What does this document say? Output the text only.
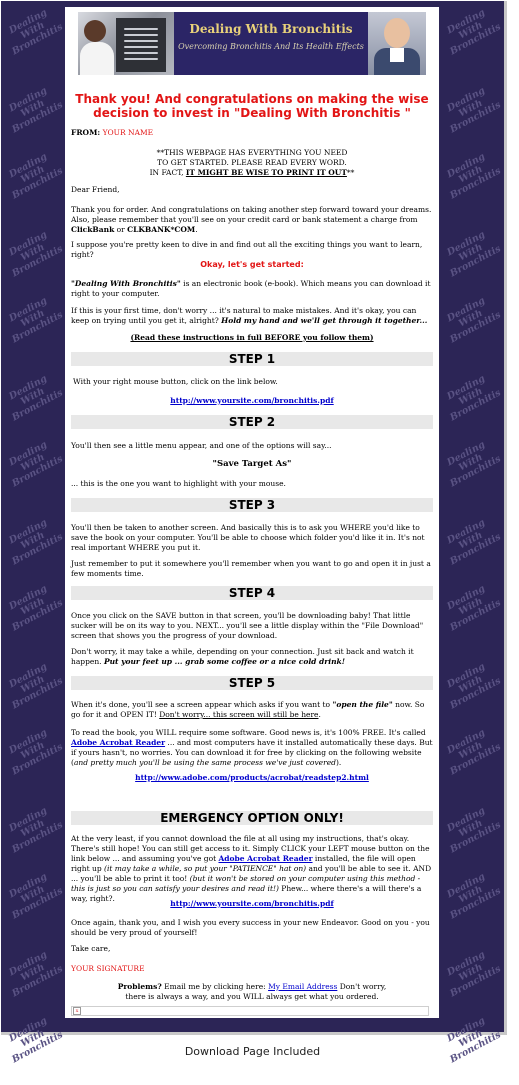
Dealing With Bronchitis
Overcoming Bronchitis And Its Health Effects
Thank you! And congratulations on making the wise decision to invest in "Dealing With Bronchitis "
FROM: YOUR NAME
**THIS WEBPAGE HAS EVERYTHING YOU NEED
TO GET STARTED. PLEASE READ EVERY WORD.
IN FACT, IT MIGHT BE WISE TO PRINT IT OUT**
Dear Friend,
Thank you for order. And congratulations on taking another step forward toward your dreams. Also, please remember that you'll see on your credit card or bank statement a charge from ClickBank or CLKBANK*COM.
I suppose you're pretty keen to dive in and find out all the exciting things you want to learn, right?
Okay, let's get started:
"Dealing With Bronchitis" is an electronic book (e-book). Which means you can download it right to your computer.
If this is your first time, don't worry ... it's natural to make mistakes. And it's okay, you can keep on trying until you get it, alright? Hold my hand and we'll get through it together...
(Read these instructions in full BEFORE you follow them)
STEP 1
With your right mouse button, click on the link below.
http://www.yoursite.com/bronchitis.pdf
STEP 2
You'll then see a little menu appear, and one of the options will say...
"Save Target As"
... this is the one you want to highlight with your mouse.
STEP 3
You'll then be taken to another screen. And basically this is to ask you WHERE you'd like to save the book on your computer. You'll be able to choose which folder you'd like it in. It's not real important WHERE you put it.
Just remember to put it somewhere you'll remember when you want to go and open it in just a few moments time.
STEP 4
Once you click on the SAVE button in that screen, you'll be downloading baby! That little sucker will be on its way to you. NEXT... you'll see a little display within the "File Download" screen that shows you the progress of your download.
Don't worry, it may take a while, depending on your connection. Just sit back and watch it happen. Put your feet up ... grab some coffee or a nice cold drink!
STEP 5
When it's done, you'll see a screen appear which asks if you want to "open the file" now. So go for it and OPEN IT! Don't worry... this screen will still be here.
To read the book, you WILL require some software. Good news is, it's 100% FREE. It's called Adobe Acrobat Reader ... and most computers have it installed automatically these days. But if yours hasn't, no worries. You can download it for free by clicking on the following website (and pretty much you'll be using the same process we've just covered).
http://www.adobe.com/products/acrobat/readstep2.html
EMERGENCY OPTION ONLY!
At the very least, if you cannot download the file at all using my instructions, that's okay. There's still hope! You can still get access to it. Simply CLICK your LEFT mouse button on the link below ... and assuming you've got Adobe Acrobat Reader installed, the file will open right up (it may take a while, so put your "PATIENCE" hat on) and you'll be able to see it. AND ... you'll be able to print it too! (but it won't be stored on your computer using this method - this is just so you can satisfy your desires and read it!) Phew... where there's a will there's a way, right?.
http://www.yoursite.com/bronchitis.pdf
Once again, thank you, and I wish you every success in your new Endeavor. Good on you - you should be very proud of yourself!
Take care,
YOUR SIGNATURE
Problems? Email me by clicking here: My Email Address Don't worry,
there is always a way, and you WILL always get what you ordered.
x
Dealing With Bronchitis	Dealing With Bronchitis
Dealing With Bronchitis	Dealing With Bronchitis
Dealing With Bronchitis	Dealing With Bronchitis
Dealing With Bronchitis	Dealing With Bronchitis
Dealing With Bronchitis	Dealing With Bronchitis
Dealing With Bronchitis	Dealing With Bronchitis
Dealing With Bronchitis	Dealing With Bronchitis
Dealing With Bronchitis	Dealing With Bronchitis
Dealing With Bronchitis	Dealing With Bronchitis
Dealing With Bronchitis	Dealing With Bronchitis
Dealing With Bronchitis	Dealing With Bronchitis
Dealing With Bronchitis	Dealing With Bronchitis
Dealing With Bronchitis	Dealing With Bronchitis
Dealing With Bronchitis	Dealing With Bronchitis
Dealing With Bronchitis	Dealing With Bronchitis
Download Page Included
